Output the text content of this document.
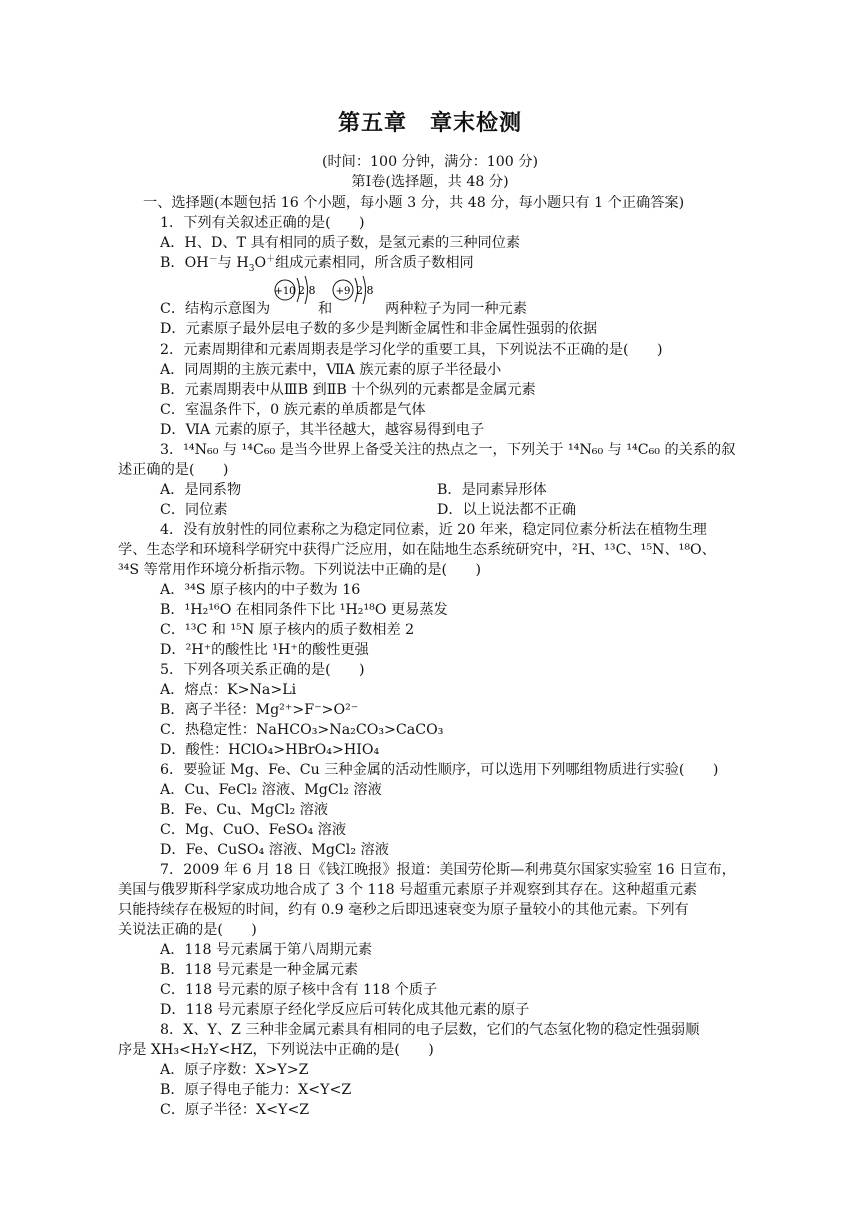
第五章　章末检测
(时间：100 分钟，满分：100 分)
第Ⅰ卷(选择题，共 48 分)
一、选择题(本题包括 16 个小题，每小题 3 分，共 48 分，每小题只有 1 个正确答案)
1．下列有关叙述正确的是(　　)
A．H、D、T 具有相同的质子数，是氢元素的三种同位素
B．OH－与 $H_3O^+$组成元素相同，所含质子数相同
+10 2 8 +9 2 8
C．结构示意图为	和	两种粒子为同一种元素
D．元素原子最外层电子数的多少是判断金属性和非金属性强弱的依据
2．元素周期律和元素周期表是学习化学的重要工具，下列说法不正确的是(　　)
A．同周期的主族元素中，ⅦA 族元素的原子半径最小
B．元素周期表中从ⅢB 到ⅡB 十个纵列的元素都是金属元素
C．室温条件下，0 族元素的单质都是气体
D．ⅥA 元素的原子，其半径越大，越容易得到电子
3．¹⁴N₆₀ 与 ¹⁴C₆₀ 是当今世界上备受关注的热点之一，下列关于 ¹⁴N₆₀ 与 ¹⁴C₆₀ 的关系的叙
述正确的是(　　)
A．是同系物	B．是同素异形体
C．同位素	D．以上说法都不正确
4．没有放射性的同位素称之为稳定同位素，近 20 年来，稳定同位素分析法在植物生理
学、生态学和环境科学研究中获得广泛应用，如在陆地生态系统研究中，²H、¹³C、¹⁵N、¹⁸O、
³⁴S 等常用作环境分析指示物。下列说法中正确的是(　　)
A．³⁴S 原子核内的中子数为 16
B．¹H₂¹⁶O 在相同条件下比 ¹H₂¹⁸O 更易蒸发
C．¹³C 和 ¹⁵N 原子核内的质子数相差 2
D．²H⁺的酸性比 ¹H⁺的酸性更强
5．下列各项关系正确的是(　　)
A．熔点：K>Na>Li
B．离子半径：Mg²⁺>F⁻>O²⁻
C．热稳定性：NaHCO₃>Na₂CO₃>CaCO₃
D．酸性：HClO₄>HBrO₄>HIO₄
6．要验证 Mg、Fe、Cu 三种金属的活动性顺序，可以选用下列哪组物质进行实验(　　)
A．Cu、FeCl₂ 溶液、MgCl₂ 溶液
B．Fe、Cu、MgCl₂ 溶液
C．Mg、CuO、FeSO₄ 溶液
D．Fe、CuSO₄ 溶液、MgCl₂ 溶液
7．2009 年 6 月 18 日《钱江晚报》报道：美国劳伦斯—利弗莫尔国家实验室 16 日宣布，
美国与俄罗斯科学家成功地合成了 3 个 118 号超重元素原子并观察到其存在。这种超重元素
只能持续存在极短的时间，约有 0.9 毫秒之后即迅速衰变为原子量较小的其他元素。下列有
关说法正确的是(　　)
A．118 号元素属于第八周期元素
B．118 号元素是一种金属元素
C．118 号元素的原子核中含有 118 个质子
D．118 号元素原子经化学反应后可转化成其他元素的原子
8．X、Y、Z 三种非金属元素具有相同的电子层数，它们的气态氢化物的稳定性强弱顺
序是 XH₃<H₂Y<HZ，下列说法中正确的是(　　)
A．原子序数：X>Y>Z
B．原子得电子能力：X<Y<Z
C．原子半径：X<Y<Z
